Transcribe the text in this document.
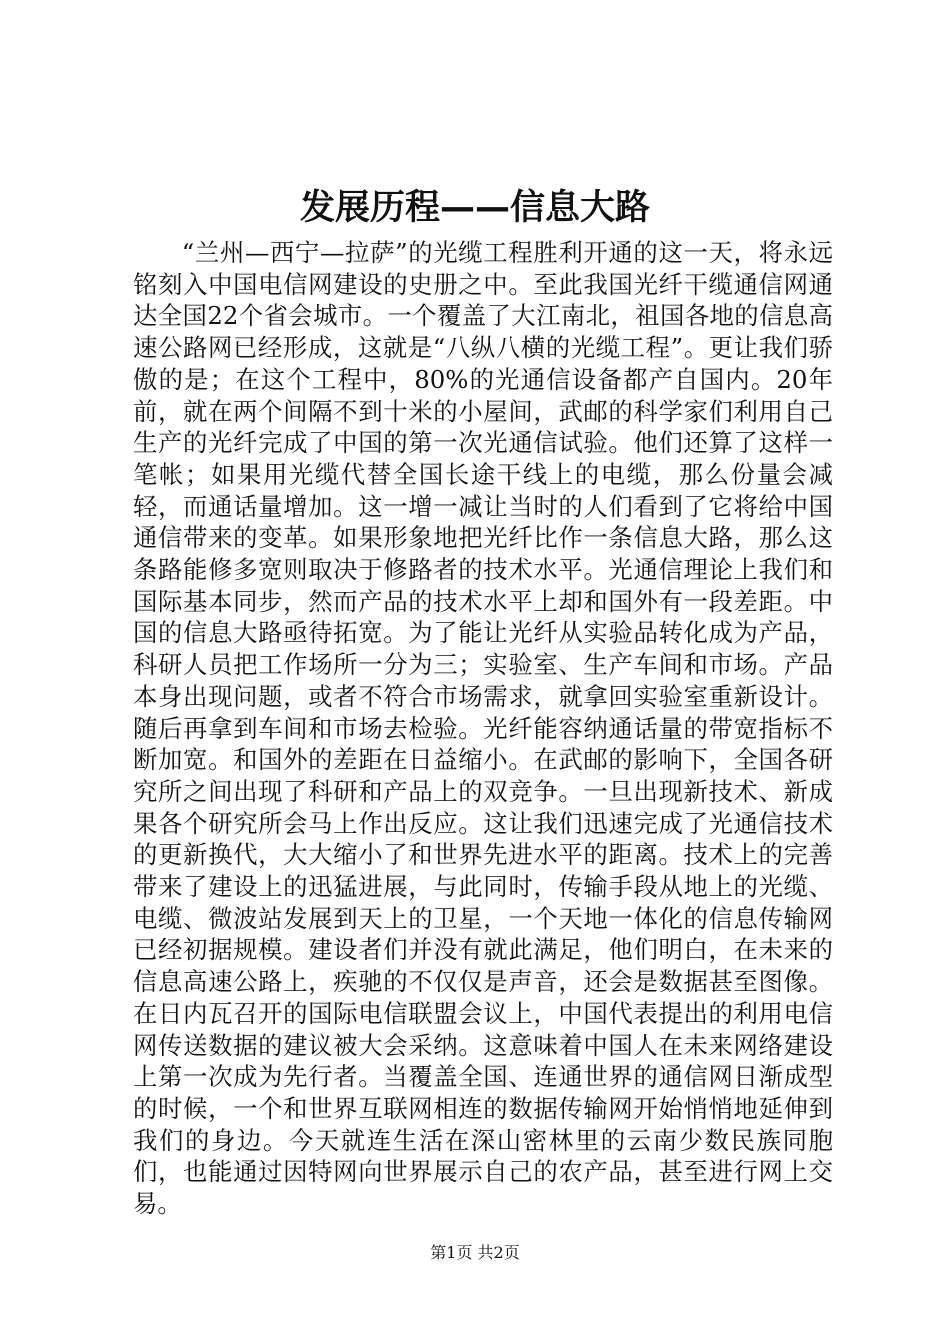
发展历程——信息大路

“兰州—西宁—拉萨”的光缆工程胜利开通的这一天，将永远铭刻入中国电信网建设的史册之中。至此我国光纤干缆通信网通达全国22个省会城市。一个覆盖了大江南北，祖国各地的信息高速公路网已经形成，这就是“八纵八横的光缆工程”。更让我们骄傲的是；在这个工程中，80%的光通信设备都产自国内。20年前，就在两个间隔不到十米的小屋间，武邮的科学家们利用自己生产的光纤完成了中国的第一次光通信试验。他们还算了这样一笔帐；如果用光缆代替全国长途干线上的电缆，那么份量会减轻，而通话量增加。这一增一减让当时的人们看到了它将给中国通信带来的变革。如果形象地把光纤比作一条信息大路，那么这条路能修多宽则取决于修路者的技术水平。光通信理论上我们和国际基本同步，然而产品的技术水平上却和国外有一段差距。中国的信息大路亟待拓宽。为了能让光纤从实验品转化成为产品，科研人员把工作场所一分为三；实验室、生产车间和市场。产品本身出现问题，或者不符合市场需求，就拿回实验室重新设计。随后再拿到车间和市场去检验。光纤能容纳通话量的带宽指标不断加宽。和国外的差距在日益缩小。在武邮的影响下，全国各研究所之间出现了科研和产品上的双竞争。一旦出现新技术、新成果各个研究所会马上作出反应。这让我们迅速完成了光通信技术的更新换代，大大缩小了和世界先进水平的距离。技术上的完善带来了建设上的迅猛进展，与此同时，传输手段从地上的光缆、电缆、微波站发展到天上的卫星，一个天地一体化的信息传输网已经初据规模。建设者们并没有就此满足，他们明白，在未来的信息高速公路上，疾驰的不仅仅是声音，还会是数据甚至图像。在日内瓦召开的国际电信联盟会议上，中国代表提出的利用电信网传送数据的建议被大会采纳。这意味着中国人在未来网络建设上第一次成为先行者。当覆盖全国、连通世界的通信网日渐成型的时候，一个和世界互联网相连的数据传输网开始悄悄地延伸到我们的身边。今天就连生活在深山密林里的云南少数民族同胞们，也能通过因特网向世界展示自己的农产品，甚至进行网上交易。

第1页 共2页
